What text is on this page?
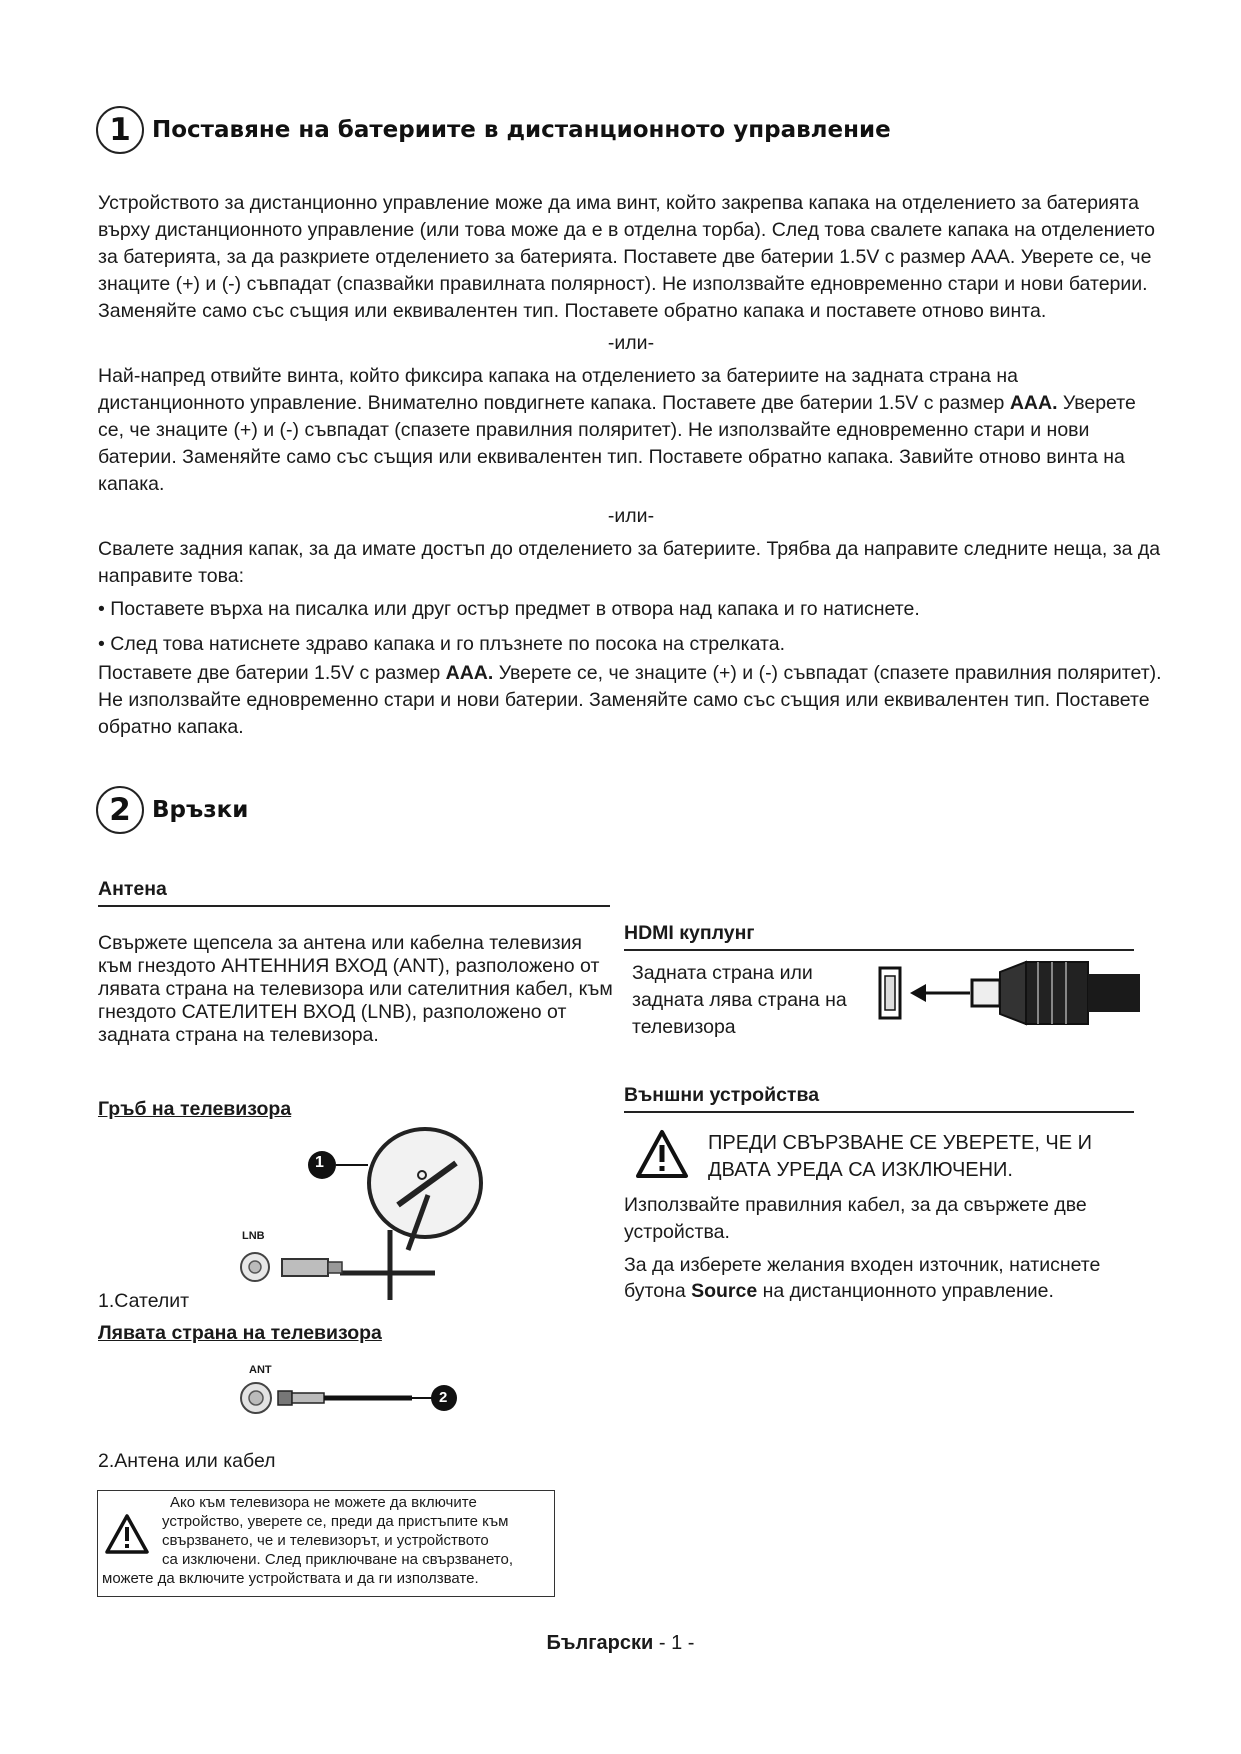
1 Поставяне на батериите в дистанционното управление

Устройството за дистанционно управление може да има винт, който закрепва капака на отделението за батерията върху дистанционното управление (или това може да е в отделна торба). След това свалете капака на отделението за батерията, за да разкриете отделението за батерията. Поставете две батерии 1.5V с размер AAA. Уверете се, че знаците (+) и (-) съвпадат (спазвайки правилната полярност). Не използвайте едновременно стари и нови батерии. Заменяйте само със същия или еквивалентен тип. Поставете обратно капака и поставете отново винта.

-или-

Най-напред отвийте винта, който фиксира капака на отделението за батериите на задната страна на дистанционното управление. Внимателно повдигнете капака. Поставете две батерии 1.5V с размер AAA. Уверете се, че знаците (+) и (-) съвпадат (спазете правилния поляритет). Не използвайте едновременно стари и нови батерии. Заменяйте само със същия или еквивалентен тип. Поставете обратно капака. Завийте отново винта на капака.

-или-

Свалете задния капак, за да имате достъп до отделението за батериите. Трябва да направите следните неща, за да направите това:

• Поставете върха на писалка или друг остър предмет в отвора над капака и го натиснете.

• След това натиснете здраво капака и го плъзнете по посока на стрелката.

Поставете две батерии 1.5V с размер AAA. Уверете се, че знаците (+) и (-) съвпадат (спазете правилния поляритет). Не използвайте едновременно стари и нови батерии. Заменяйте само със същия или еквивалентен тип. Поставете обратно капака.

2 Връзки
Антена
Свържете щепсела за антена или кабелна телевизия към гнездото АНТЕННИЯ ВХОД (ANT), разположено от лявата страна на телевизора или сателитния кабел, към гнездото САТЕЛИТЕН ВХОД (LNB), разположено от задната страна на телевизора.
Гръб на телевизора
LNB
1
1.Сателит
Лявата страна на телевизора
ANT
2
2.Антена или кабел
Ако към телевизора не можете да включите
устройство, уверете се, преди да пристъпите към
свързването, че и телевизорът, и устройството
са изключени. След приключване на свързването,
можете да включите устройствата и да ги използвате.
HDMI куплунг
Задната страна или задната лява страна на телевизора
Външни устройства
ПРЕДИ СВЪРЗВАНЕ СЕ УВЕРЕТЕ, ЧЕ И ДВАТА УРЕДА СА ИЗКЛЮЧЕНИ.
Използвайте правилния кабел, за да свържете две устройства.
За да изберете желания входен източник, натиснете бутона Source на дистанционното управление.
Български - 1 -
